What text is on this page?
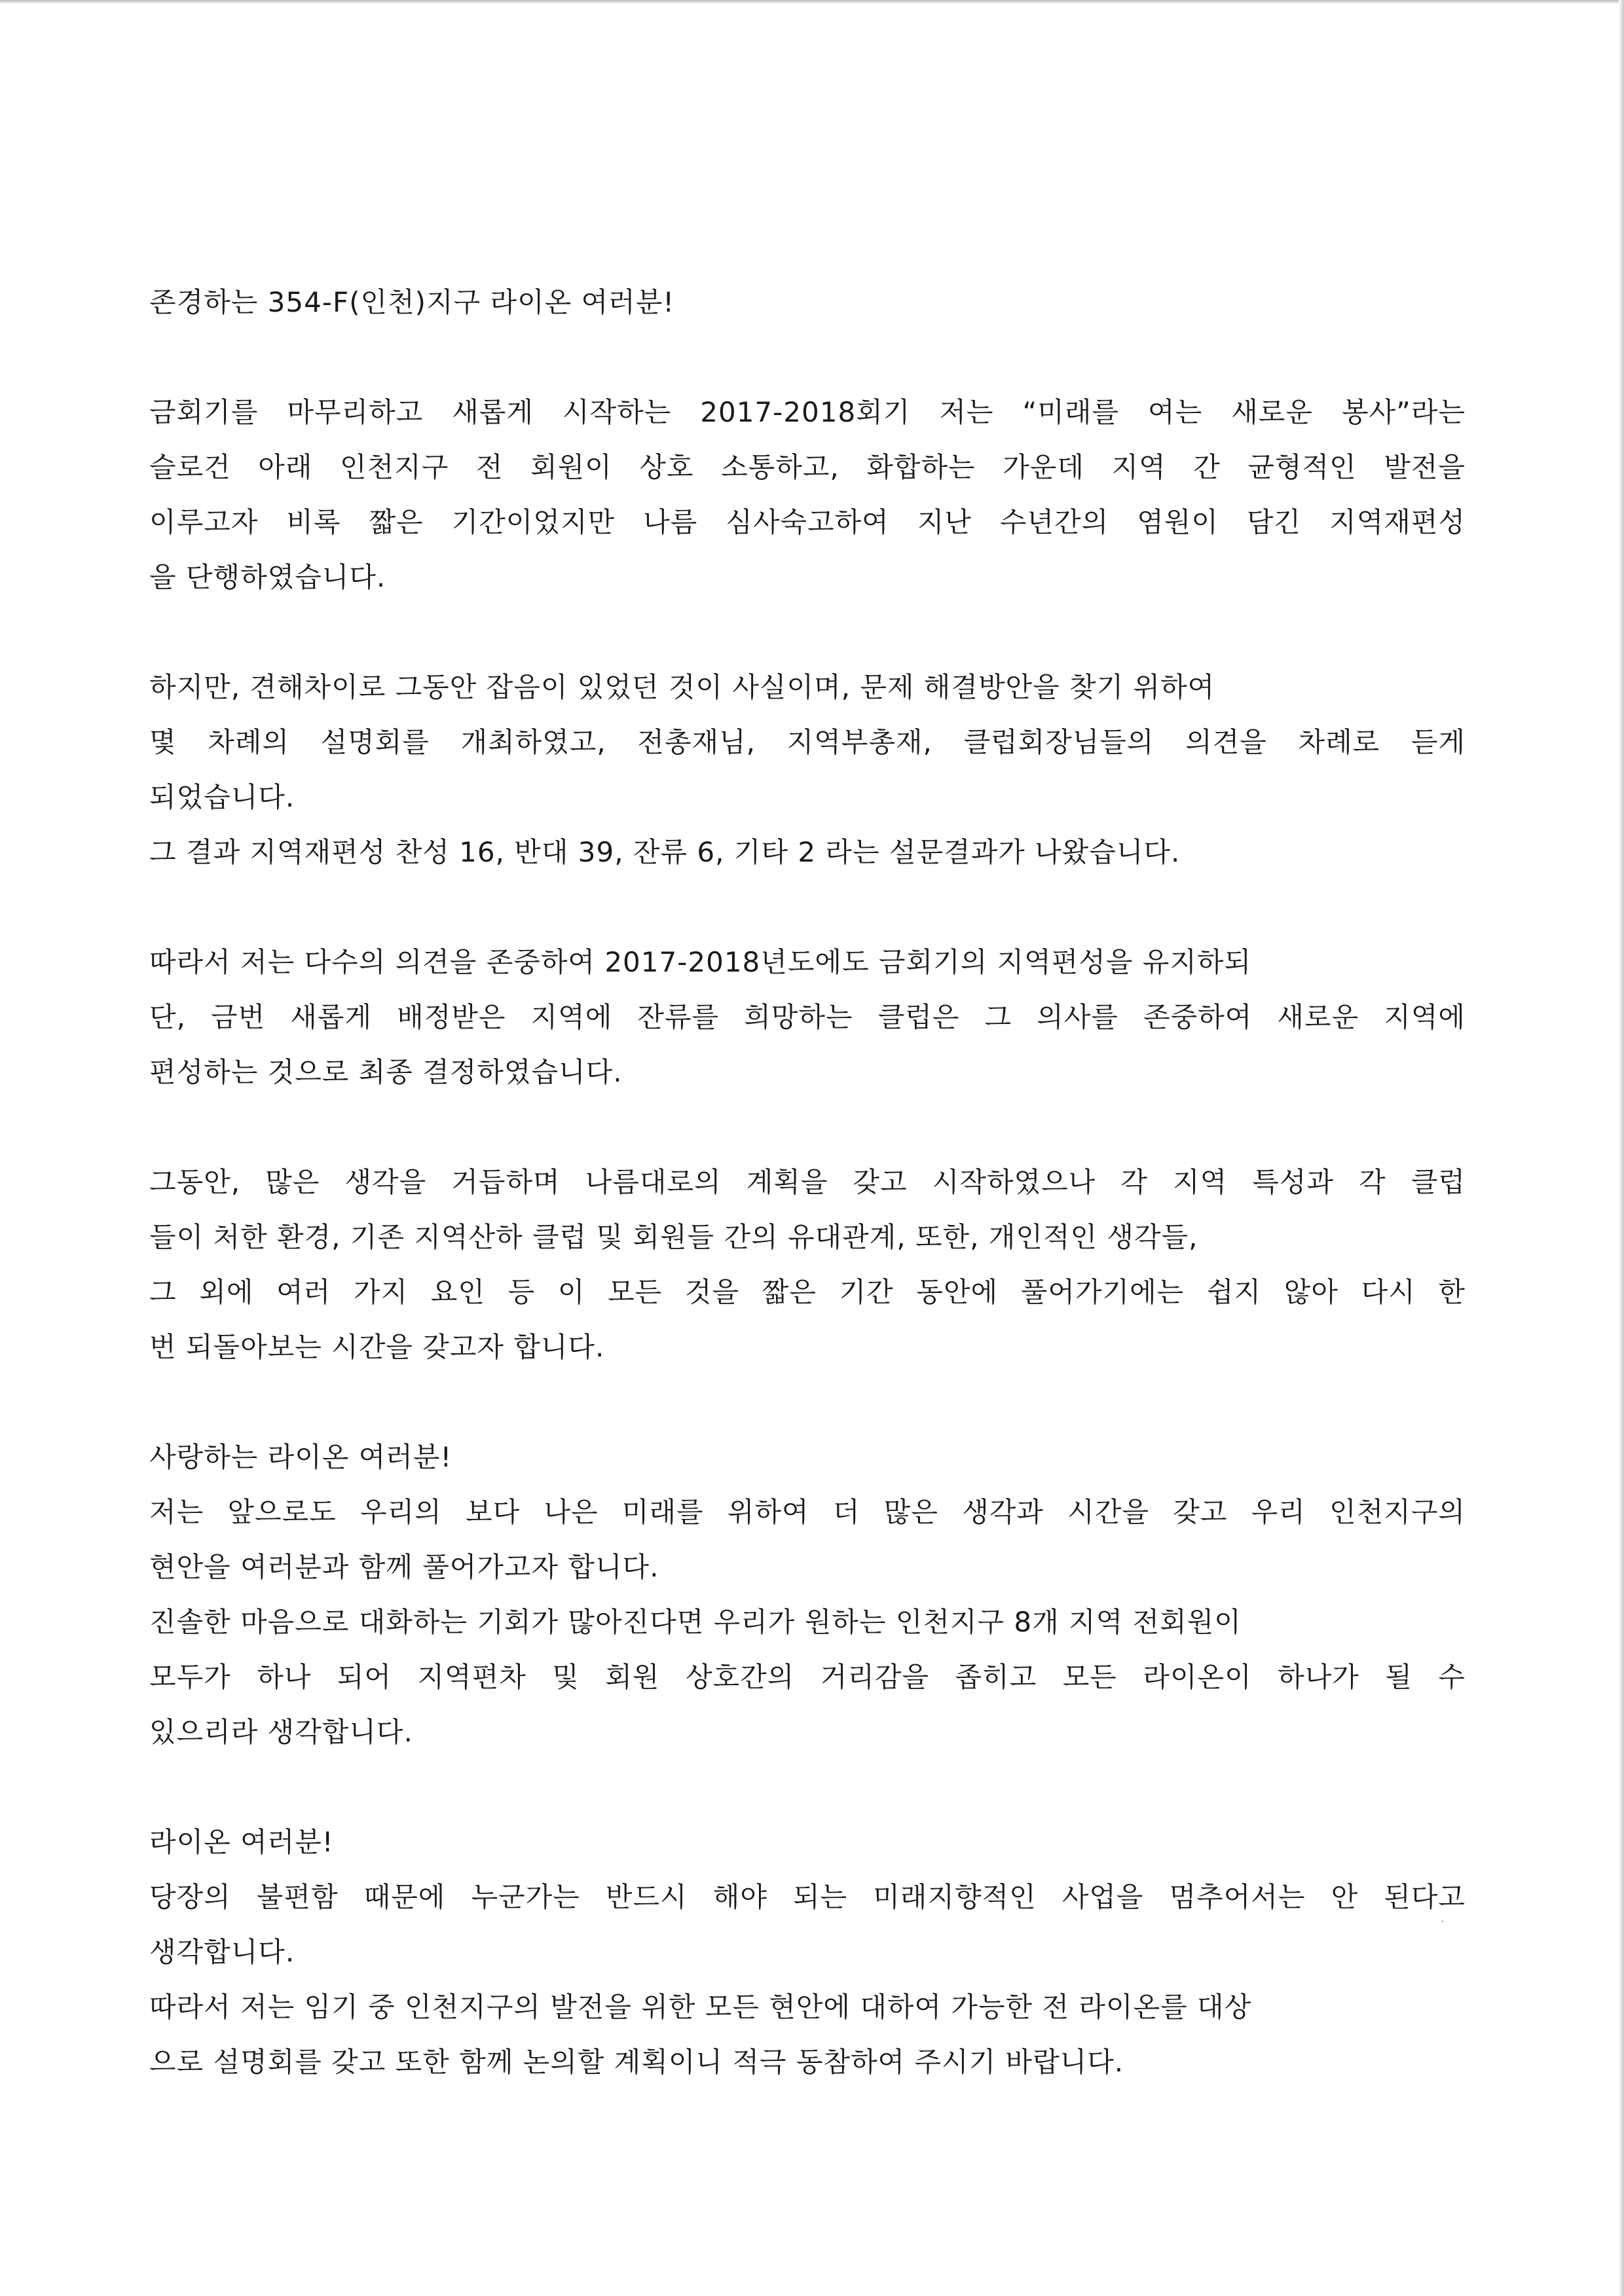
존경하는 354-F(인천)지구 라이온 여러분!
금회기를 마무리하고 새롭게 시작하는 2017-2018회기 저는 “미래를 여는 새로운 봉사”라는
슬로건 아래 인천지구 전 회원이 상호 소통하고, 화합하는 가운데 지역 간 균형적인 발전을
이루고자 비록 짧은 기간이었지만 나름 심사숙고하여 지난 수년간의 염원이 담긴 지역재편성
을 단행하였습니다.
하지만, 견해차이로 그동안 잡음이 있었던 것이 사실이며, 문제 해결방안을 찾기 위하여
몇 차례의 설명회를 개최하였고, 전총재님, 지역부총재, 클럽회장님들의 의견을 차례로 듣게
되었습니다.
그 결과 지역재편성 찬성 16, 반대 39, 잔류 6, 기타 2 라는 설문결과가 나왔습니다.
따라서 저는 다수의 의견을 존중하여 2017-2018년도에도 금회기의 지역편성을 유지하되
단, 금번 새롭게 배정받은 지역에 잔류를 희망하는 클럽은 그 의사를 존중하여 새로운 지역에
편성하는 것으로 최종 결정하였습니다.
그동안, 많은 생각을 거듭하며 나름대로의 계획을 갖고 시작하였으나 각 지역 특성과 각 클럽
들이 처한 환경, 기존 지역산하 클럽 및 회원들 간의 유대관계, 또한, 개인적인 생각들,
그 외에 여러 가지 요인 등 이 모든 것을 짧은 기간 동안에 풀어가기에는 쉽지 않아 다시 한
번 되돌아보는 시간을 갖고자 합니다.
사랑하는 라이온 여러분!
저는 앞으로도 우리의 보다 나은 미래를 위하여 더 많은 생각과 시간을 갖고 우리 인천지구의
현안을 여러분과 함께 풀어가고자 합니다.
진솔한 마음으로 대화하는 기회가 많아진다면 우리가 원하는 인천지구 8개 지역 전회원이
모두가 하나 되어 지역편차 및 회원 상호간의 거리감을 좁히고 모든 라이온이 하나가 될 수
있으리라 생각합니다.
라이온 여러분!
당장의 불편함 때문에 누군가는 반드시 해야 되는 미래지향적인 사업을 멈추어서는 안 된다고
생각합니다.
따라서 저는 임기 중 인천지구의 발전을 위한 모든 현안에 대하여 가능한 전 라이온를 대상
으로 설명회를 갖고 또한 함께 논의할 계획이니 적극 동참하여 주시기 바랍니다.
·
